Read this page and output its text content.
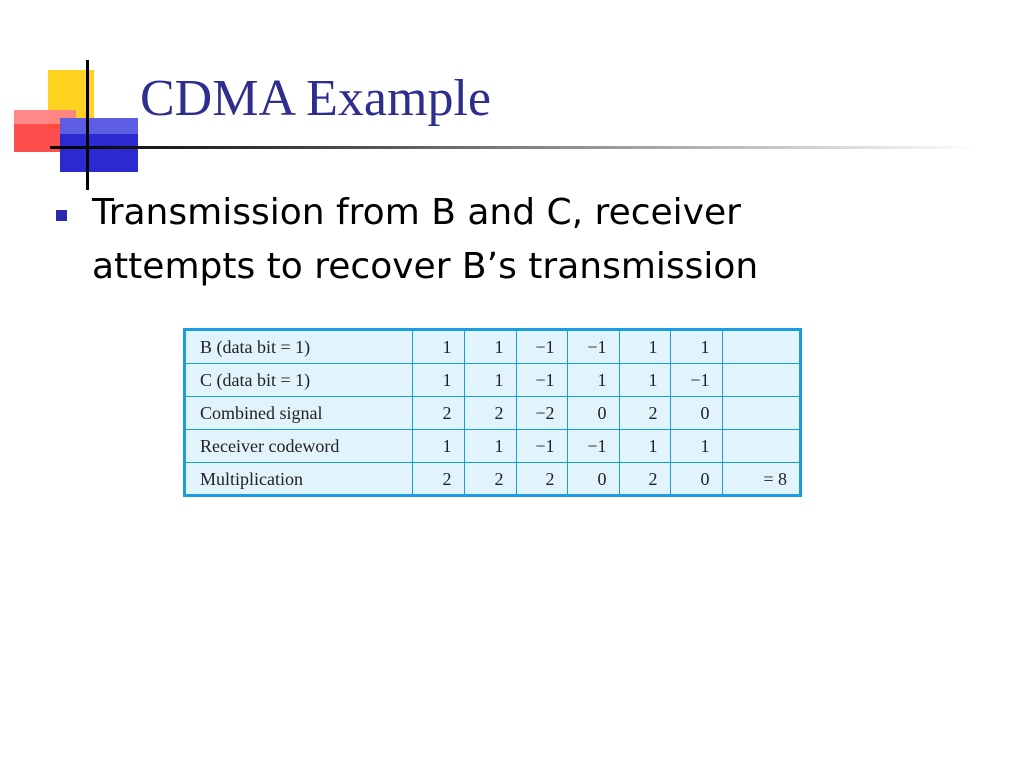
CDMA Example

Transmission from B and C, receiver attempts to recover B’s transmission

B (data bit = 1)	1	1	−1	−1	1	1	
C (data bit = 1)	1	1	−1	1	1	−1	
Combined signal	2	2	−2	0	2	0	
Receiver codeword	1	1	−1	−1	1	1	
Multiplication	2	2	2	0	2	0	= 8
